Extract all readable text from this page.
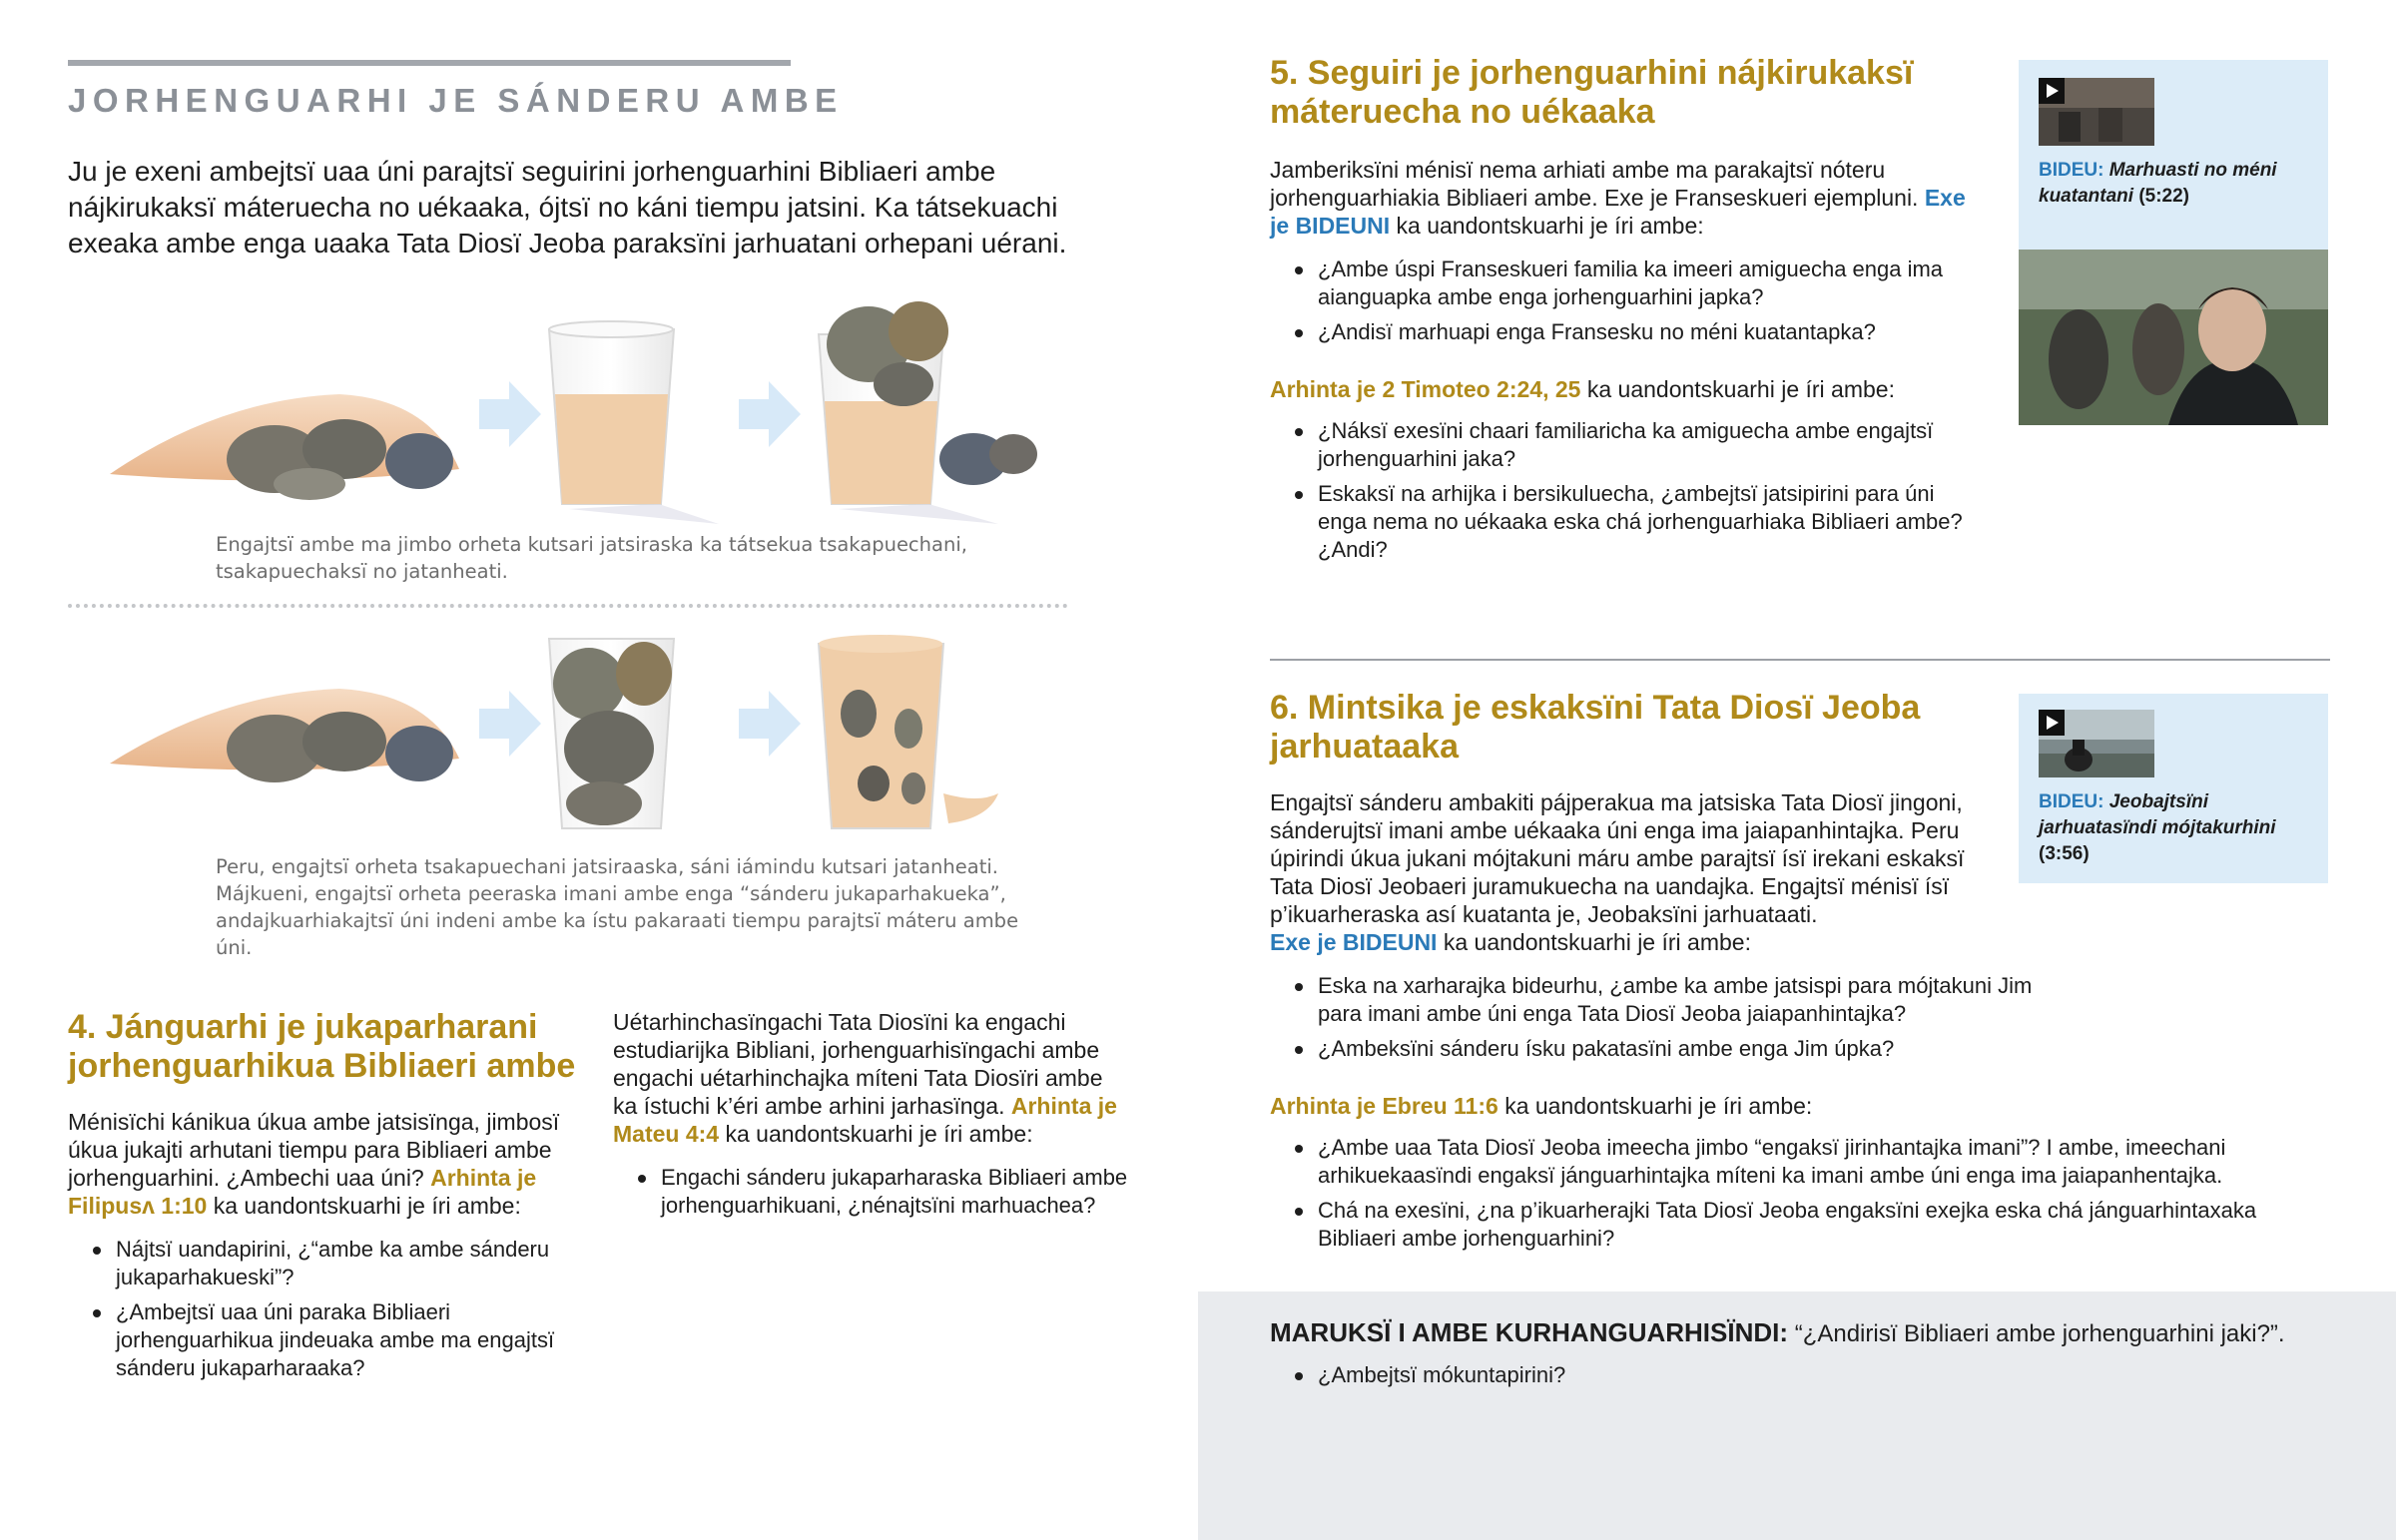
JORHENGUARHI JE SÁNDERU AMBE
Ju je exeni ambejtsï uaa úni parajtsï seguirini jorhenguarhini Bibliaeri ambe nájkirukaksï máteruecha no uékaaka, ójtsï no káni tiempu jatsini. Ka tátsekuachi exeaka ambe enga uaaka Tata Diosï Jeoba paraksïni jarhuatani orhepani uérani.
Engajtsï ambe ma jimbo orheta kutsari jatsiraska ka tátsekua tsakapuechani, tsakapuechaksï no jatanheati.
Peru, engajtsï orheta tsakapuechani jatsiraaska, sáni iámindu kutsari jatanheati. Májkueni, engajtsï orheta peeraska imani ambe enga “sánderu jukaparhakueka”, andajkuarhiakajtsï úni indeni ambe ka ístu pakaraati tiempu parajtsï máteru ambe úni.
4. Jánguarhi je jukaparharani jorhenguarhikua Bibliaeri ambe
Ménisïchi kánikua úkua ambe jatsisïnga, jimbosï úkua jukajti arhutani tiempu para Bibliaeri ambe jorhenguarhini. ¿Ambechi uaa úni? Arhinta je Filipusʌ 1:10 ka uandontskuarhi je íri ambe:
Nájtsï uandapirini, ¿“ambe ka ambe sánderu jukaparhakueski”?
¿Ambejtsï uaa úni paraka Bibliaeri jorhenguarhikua jindeuaka ambe ma engajtsï sánderu jukaparharaaka?
Uétarhinchasïngachi Tata Diosïni ka engachi estudiarijka Bibliani, jorhenguarhisïngachi ambe engachi uétarhinchajka míteni Tata Diosïri ambe ka ístuchi k’éri ambe arhini jarhasïnga. Arhinta je Mateu 4:4 ka uandontskuarhi je íri ambe:
Engachi sánderu jukaparharaska Bibliaeri ambe jorhenguarhikuani, ¿nénajtsïni marhuachea?
5. Seguiri je jorhenguarhini nájkirukaksï máteruecha no uékaaka
Jamberiksïni ménisï nema arhiati ambe ma parakajtsï nóteru jorhenguarhiakia Bibliaeri ambe. Exe je Franseskueri ejempluni. Exe je BIDEUNI ka uandontskuarhi je íri ambe:
¿Ambe úspi Franseskueri familia ka imeeri amiguecha enga ima aianguapka ambe enga jorhenguarhini japka?
¿Andisï marhuapi enga Fransesku no méni kuatantapka?
Arhinta je 2 Timoteo 2:24, 25 ka uandontskuarhi je íri ambe:
¿Náksï exesïni chaari familiaricha ka amiguecha ambe engajtsï jorhenguarhini jaka?
Eskaksï na arhijka i bersikuluecha, ¿ambejtsï jatsipirini para úni enga nema no uékaaka eska chá jorhenguarhiaka Bibliaeri ambe? ¿Andi?
BIDEU: Marhuasti no méni kuatantani (5:22)
6. Mintsika je eskaksïni Tata Diosï Jeoba jarhuataaka
Engajtsï sánderu ambakiti pájperakua ma jatsiska Tata Diosï jingoni, sánderujtsï imani ambe uékaaka úni enga ima jaiapanhintajka. Peru úpirindi úkua jukani mójtakuni máru ambe parajtsï ísï irekani eskaksï Tata Diosï Jeobaeri juramukuecha na uandajka. Engajtsï ménisï ísï p’ikuarheraska así kuatanta je, Jeobaksïni jarhuataati.
Exe je BIDEUNI ka uandontskuarhi je íri ambe:
Eska na xarharajka bideurhu, ¿ambe ka ambe jatsispi para mójtakuni Jim para imani ambe úni enga Tata Diosï Jeoba jaiapanhintajka?
¿Ambeksïni sánderu ísku pakatasïni ambe enga Jim úpka?
Arhinta je Ebreu 11:6 ka uandontskuarhi je íri ambe:
¿Ambe uaa Tata Diosï Jeoba imeecha jimbo “engaksï jirinhantajka imani”? I ambe, imeechani arhikuekaasïndi engaksï jánguarhintajka míteni ka imani ambe úni enga ima jaiapanhentajka.
Chá na exesïni, ¿na p’ikuarherajki Tata Diosï Jeoba engaksïni exejka eska chá jánguarhintaxaka Bibliaeri ambe jorhenguarhini?
BIDEU: Jeobajtsïni jarhuatasïndi mójtakurhini (3:56)
MARUKSÏ I AMBE KURHANGUARHISÏNDI: “¿Andirisï Bibliaeri ambe jorhenguarhini jaki?”.
¿Ambejtsï mókuntapirini?
